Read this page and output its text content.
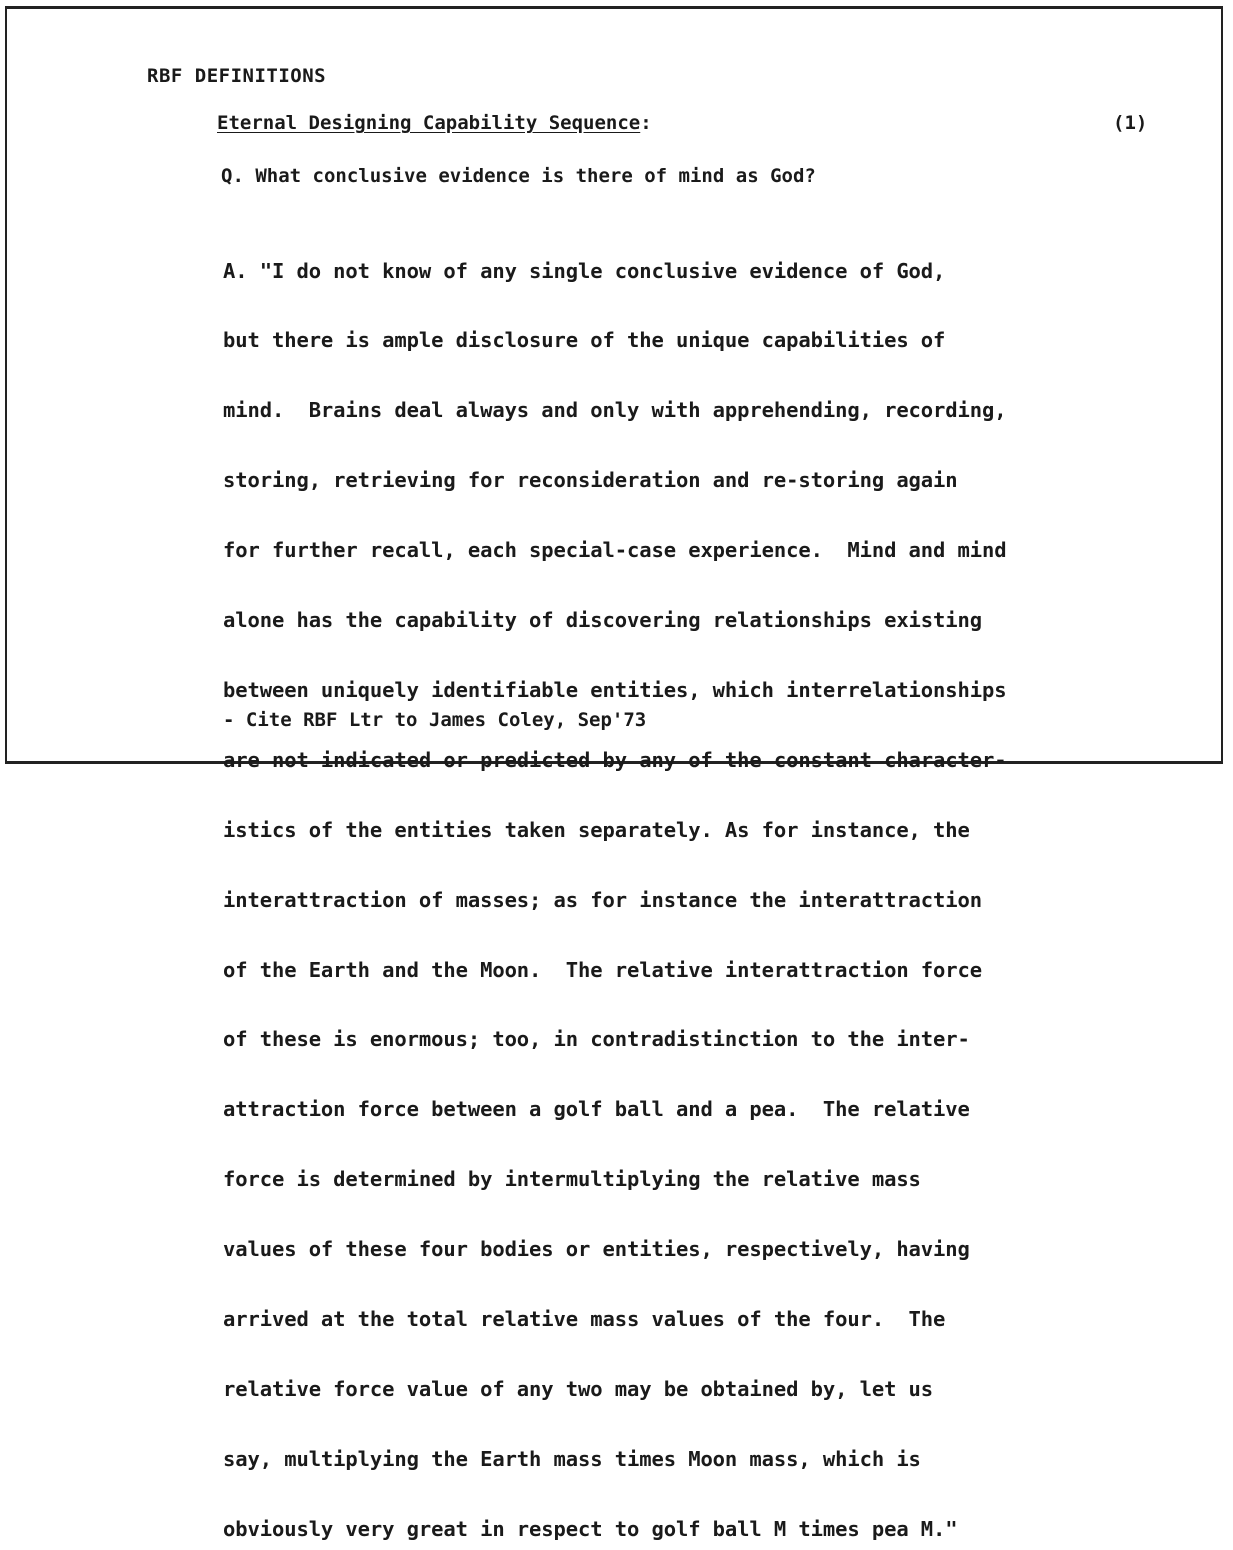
RBF DEFINITIONS
Eternal Designing Capability Sequence:	(1)
Q. What conclusive evidence is there of mind as God?

A. "I do not know of any single conclusive evidence of God,

but there is ample disclosure of the unique capabilities of

mind.  Brains deal always and only with apprehending, recording,

storing, retrieving for reconsideration and re-storing again

for further recall, each special-case experience.  Mind and mind

alone has the capability of discovering relationships existing

between uniquely identifiable entities, which interrelationships

are not indicated or predicted by any of the constant character-

istics of the entities taken separately. As for instance, the

interattraction of masses; as for instance the interattraction

of the Earth and the Moon.  The relative interattraction force

of these is enormous; too, in contradistinction to the inter-

attraction force between a golf ball and a pea.  The relative

force is determined by intermultiplying the relative mass

values of these four bodies or entities, respectively, having

arrived at the total relative mass values of the four.  The

relative force value of any two may be obtained by, let us

say, multiplying the Earth mass times Moon mass, which is

obviously very great in respect to golf ball M times pea M."

- Cite RBF Ltr to James Coley, Sep'73
